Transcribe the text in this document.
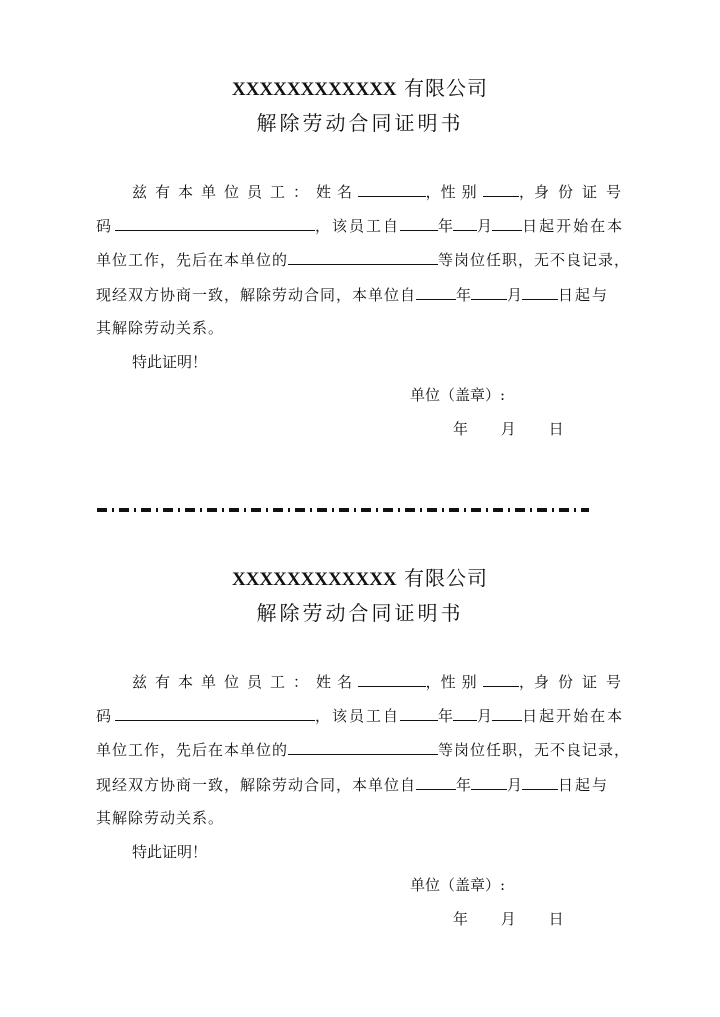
XXXXXXXXXXXX 有限公司
解除劳动合同证明书
兹有本单位员工： 姓名	， 性别 ， 身份证号
码	，该员工自	年 月 日起开始在本
单位工作，先后在本单位的	等岗位任职，无不良记录，
现经双方协商一致，解除劳动合同，本单位自	年 月 日起与
其解除劳动关系。
特此证明！
单位（盖章）:
年 月 日
XXXXXXXXXXXX 有限公司
解除劳动合同证明书
兹有本单位员工： 姓名	， 性别 ， 身份证号
码	，该员工自	年 月 日起开始在本
单位工作，先后在本单位的	等岗位任职，无不良记录，
现经双方协商一致，解除劳动合同，本单位自	年 月 日起与
其解除劳动关系。
特此证明！
单位（盖章）:
年 月 日
